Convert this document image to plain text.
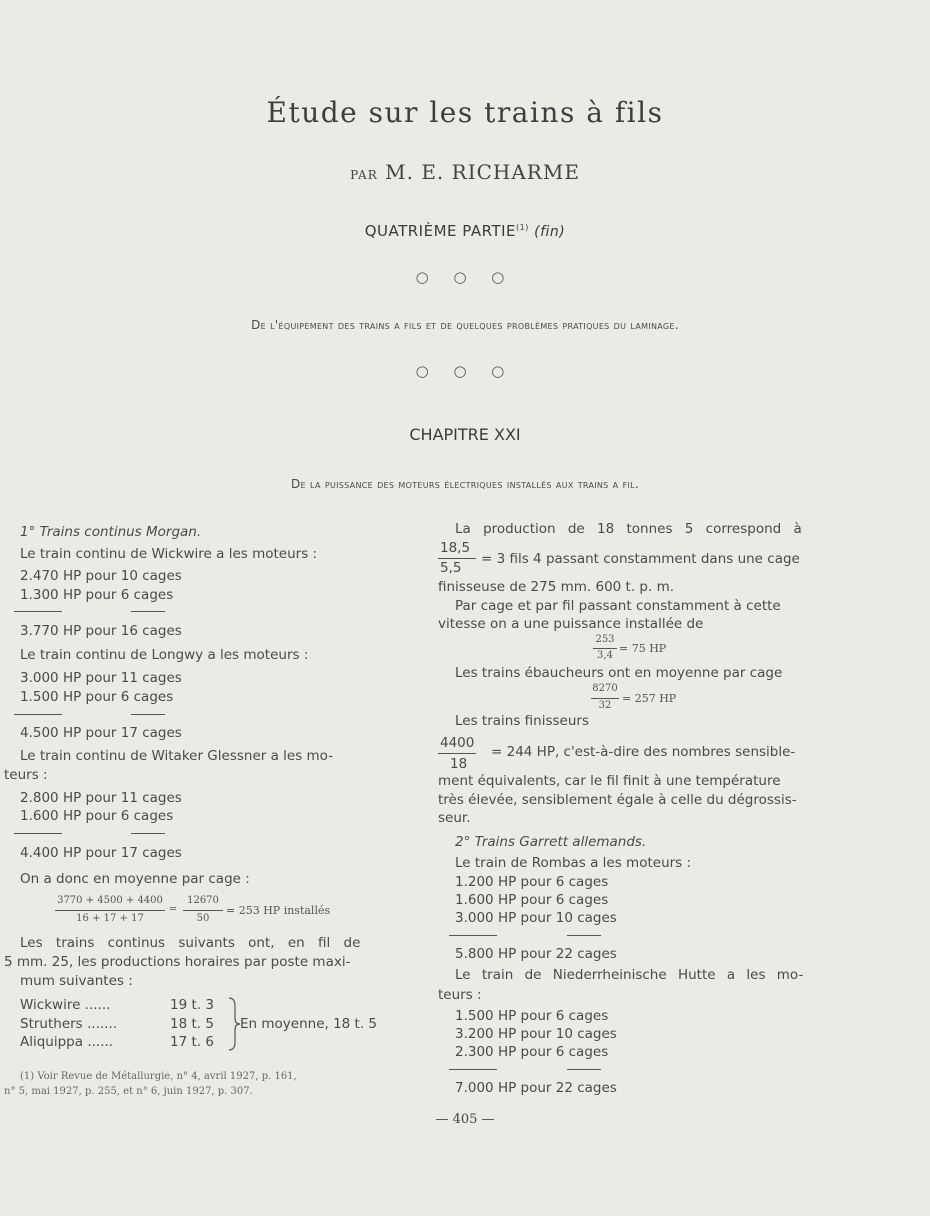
Étude sur les trains à fils
PAR M. E. RICHARME
QUATRIÈME PARTIE$^{(1)}$ (fin)
○ ○ ○
De l'équipement des trains a fils et de quelques problèmes pratiques du laminage.
○ ○ ○
CHAPITRE XXI
De la puissance des moteurs électriques installés aux trains a fil.
1° Trains continus Morgan.
Le train continu de Wickwire a les moteurs :
2.470 HP pour 10 cages
1.300 HP pour 6 cages
3.770 HP pour 16 cages
Le train continu de Longwy a les moteurs :
3.000 HP pour 11 cages
1.500 HP pour 6 cages
4.500 HP pour 17 cages
Le train continu de Witaker Glessner a les mo-
teurs :
2.800 HP pour 11 cages
1.600 HP pour 6 cages
4.400 HP pour 17 cages
On a donc en moyenne par cage :
3770 + 4500 + 4400
16 + 17 + 17
=
12670
50
= 253 HP installés
Les trains continus suivants ont, en fil de
5 mm. 25, les productions horaires par poste maxi-
mum suivantes :
Wickwire ......	19 t. 3
Struthers .......	18 t. 5
Aliquippa ......	17 t. 6
En moyenne, 18 t. 5
(1) Voir Revue de Métallurgie, n° 4, avril 1927, p. 161,
n° 5, mai 1927, p. 255, et n° 6, juin 1927, p. 307.
La production de 18 tonnes 5 correspond à
18,5
5,5
= 3 fils 4 passant constamment dans une cage
finisseuse de 275 mm. 600 t. p. m.
Par cage et par fil passant constamment à cette
vitesse on a une puissance installée de
253
3,4
= 75 HP
Les trains ébaucheurs ont en moyenne par cage
8270
32
= 257 HP
Les trains finisseurs
4400
18
= 244 HP, c'est-à-dire des nombres sensible-
ment équivalents, car le fil finit à une température
très élevée, sensiblement égale à celle du dégrossis-
seur.
2° Trains Garrett allemands.
Le train de Rombas a les moteurs :
1.200 HP pour 6 cages
1.600 HP pour 6 cages
3.000 HP pour 10 cages
5.800 HP pour 22 cages
Le train de Niederrheinische Hutte a les mo-
teurs :
1.500 HP pour 6 cages
3.200 HP pour 10 cages
2.300 HP pour 6 cages
7.000 HP pour 22 cages
— 405 —
